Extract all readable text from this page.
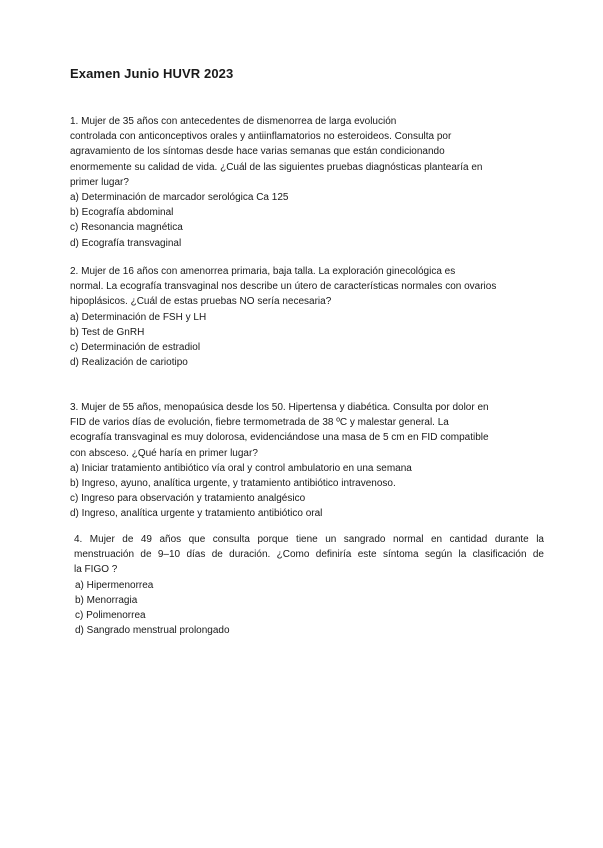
Examen Junio HUVR 2023

1. Mujer de 35 años con antecedentes de dismenorrea de larga evolución

controlada con anticonceptivos orales y antiinflamatorios no esteroideos. Consulta por

agravamiento de los síntomas desde hace varias semanas que están condicionando

enormemente su calidad de vida. ¿Cuál de las siguientes pruebas diagnósticas plantearía en

primer lugar?

a) Determinación de marcador serológica Ca 125

b) Ecografía abdominal

c) Resonancia magnética

d) Ecografía transvaginal

2. Mujer de 16 años con amenorrea primaria, baja talla. La exploración ginecológica es

normal. La ecografía transvaginal nos describe un útero de características normales con ovarios

hipoplásicos. ¿Cuál de estas pruebas NO sería necesaria?

a) Determinación de FSH y LH

b) Test de GnRH

c) Determinación de estradiol

d) Realización de cariotipo

3. Mujer de 55 años, menopaúsica desde los 50. Hipertensa y diabética. Consulta por dolor en

FID de varios días de evolución, fiebre termometrada de 38 ºC y malestar general. La

ecografía transvaginal es muy dolorosa, evidenciándose una masa de 5 cm en FID compatible

con absceso. ¿Qué haría en primer lugar?

a) Iniciar tratamiento antibiótico vía oral y control ambulatorio en una semana

b) Ingreso, ayuno, analítica urgente, y tratamiento antibiótico intravenoso.

c) Ingreso para observación y tratamiento analgésico

d) Ingreso, analítica urgente y tratamiento antibiótico oral

4. Mujer de 49 años que consulta porque tiene un sangrado normal en cantidad durante la

menstruación de 9–10 días de duración. ¿Como definiría este síntoma según la clasificación de

la FIGO ?

a) Hipermenorrea

b) Menorragia

c) Polimenorrea

d) Sangrado menstrual prolongado
